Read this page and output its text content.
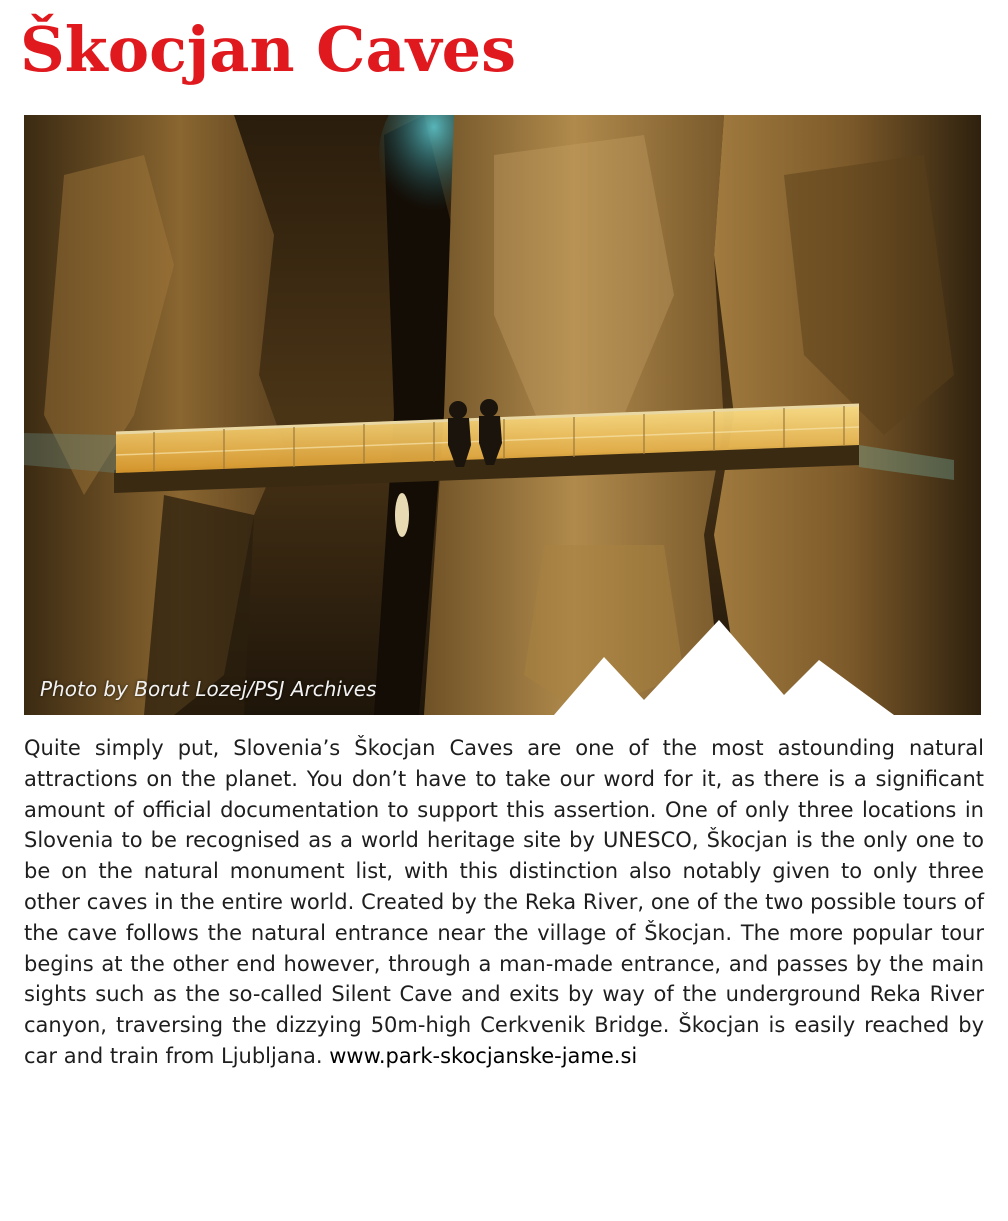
Škocjan Caves
Photo by Borut Lozej/PSJ Archives

Quite simply put, Slovenia’s Škocjan Caves are one of the most astounding natural attractions on the planet. You don’t have to take our word for it, as there is a significant amount of official documentation to support this assertion. One of only three locations in Slovenia to be recognised as a world heritage site by UNESCO, Škocjan is the only one to be on the natural monument list, with this distinction also notably given to only three other caves in the entire world. Created by the Reka River, one of the two possible tours of the cave follows the natural entrance near the village of Škocjan. The more popular tour begins at the other end however, through a man-made entrance, and passes by the main sights such as the so-called Silent Cave and exits by way of the underground Reka River canyon, traversing the dizzying 50m-high Cerkvenik Bridge. Škocjan is easily reached by car and train from Ljubljana. www.park-skocjanske-jame.si
